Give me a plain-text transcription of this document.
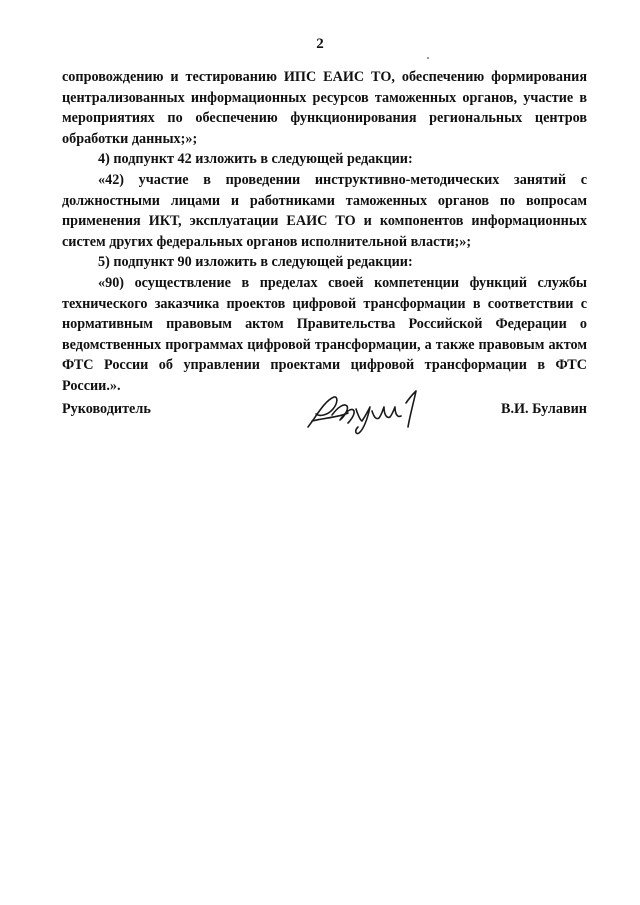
2

сопровождению и тестированию ИПС ЕАИС ТО, обеспечению формирования централизованных информационных ресурсов таможенных органов, участие в мероприятиях по обеспечению функционирования региональных центров обработки данных;»;

4) подпункт 42 изложить в следующей редакции:

«42) участие в проведении инструктивно-методических занятий с должностными лицами и работниками таможенных органов по вопросам применения ИКТ, эксплуатации ЕАИС ТО и компонентов информационных систем других федеральных органов исполнительной власти;»;

5) подпункт 90 изложить в следующей редакции:

«90) осуществление в пределах своей компетенции функций службы технического заказчика проектов цифровой трансформации в соответствии с нормативным правовым актом Правительства Российской Федерации о ведомственных программах цифровой трансформации, а также правовым актом ФТС России об управлении проектами цифровой трансформации в ФТС России.».

Руководитель	В.И. Булавин
